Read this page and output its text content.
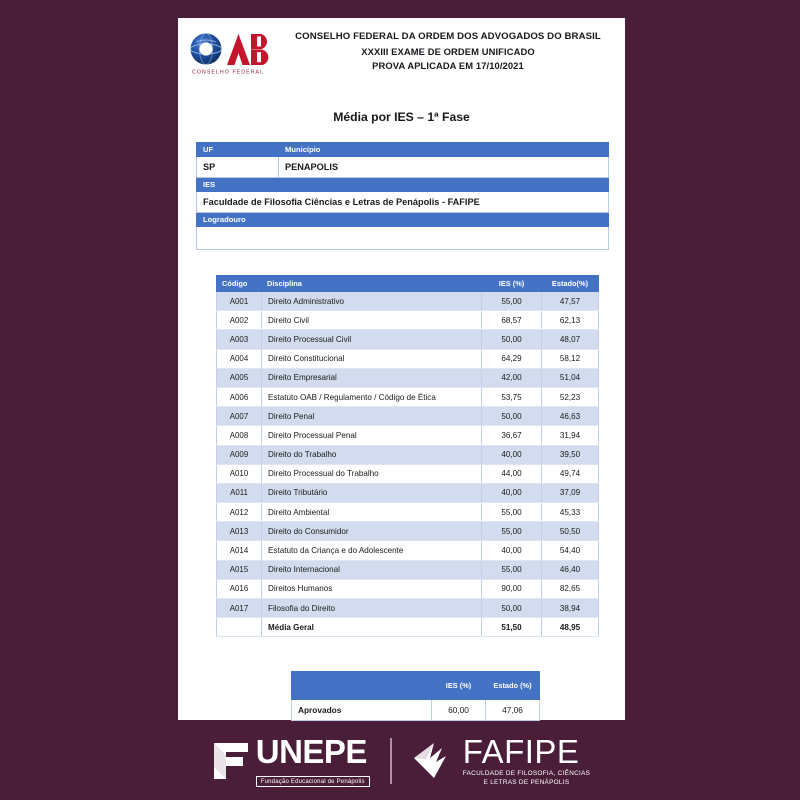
CONSELHO FEDERAL
CONSELHO FEDERAL DA ORDEM DOS ADVOGADOS DO BRASIL
XXXIII EXAME DE ORDEM UNIFICADO
PROVA APLICADA EM 17/10/2021
Média por IES – 1ª Fase
UF	Município
SP	PENAPOLIS
IES	
Faculdade de Filosofia Ciências e Letras de Penápolis - FAFIPE	
Logradouro	

Código	Disciplina	IES (%)	Estado(%)
A001	Direito Administrativo	55,00	47,57
A002	Direito Civil	68,57	62,13
A003	Direito Processual Civil	50,00	48,07
A004	Direito Constitucional	64,29	58,12
A005	Direito Empresarial	42,00	51,04
A006	Estatuto OAB / Regulamento / Código de Ética	53,75	52,23
A007	Direito Penal	50,00	46,63
A008	Direito Processual Penal	36,67	31,94
A009	Direito do Trabalho	40,00	39,50
A010	Direito Processual do Trabalho	44,00	49,74
A011	Direito Tributário	40,00	37,09
A012	Direito Ambiental	55,00	45,33
A013	Direito do Consumidor	55,00	50,50
A014	Estatuto da Criança e do Adolescente	40,00	54,40
A015	Direito Internacional	55,00	46,40
A016	Direitos Humanos	90,00	82,65
A017	Filosofia do Direito	50,00	38,94
	Média Geral	51,50	48,95
	IES (%)	Estado (%)
Aprovados	60,00	47,06
UNEPE
Fundação Educacional de Penápolis
FAFIPE
FACULDADE DE FILOSOFIA, CIÊNCIAS
E LETRAS DE PENÁPOLIS
